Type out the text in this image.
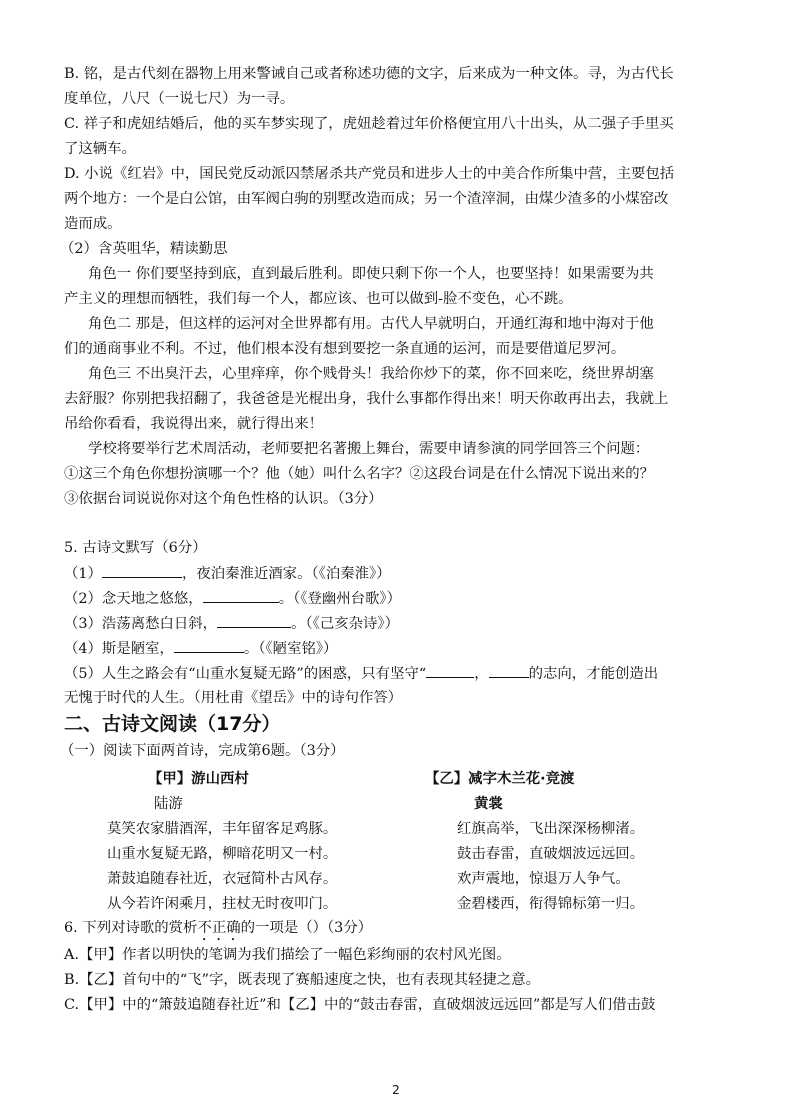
B. 铭，是古代刻在器物上用来警诫自己或者称述功德的文字，后来成为一种文体。寻，为古代长
度单位，八尺（一说七尺）为一寻。
C. 祥子和虎妞结婚后，他的买车梦实现了，虎妞趁着过年价格便宜用八十出头，从二强子手里买
了这辆车。
D. 小说《红岩》中，国民党反动派囚禁屠杀共产党员和进步人士的中美合作所集中营，主要包括
两个地方：一个是白公馆，由军阀白驹的别墅改造而成；另一个渣滓洞，由煤少渣多的小煤窑改
造而成。
（2）含英咀华，精读勤思
角色一 你们要坚持到底，直到最后胜利。即使只剩下你一个人，也要坚持！如果需要为共
产主义的理想而牺牲，我们每一个人，都应该、也可以做到-脸不变色，心不跳。
角色二 那是，但这样的运河对全世界都有用。古代人早就明白，开通红海和地中海对于他
们的通商事业不利。不过，他们根本没有想到要挖一条直通的运河，而是要借道尼罗河。
角色三 不出臭汗去，心里痒痒，你个贱骨头！我给你炒下的菜，你不回来吃，绕世界胡塞
去舒服？你别把我招翻了，我爸爸是光棍出身，我什么事都作得出来！明天你敢再出去，我就上
吊给你看看，我说得出来，就行得出来！
学校将要举行艺术周活动，老师要把名著搬上舞台，需要申请参演的同学回答三个问题：
①这三个角色你想扮演哪一个？他（她）叫什么名字？②这段台词是在什么情况下说出来的？
③依据台词说说你对这个角色性格的认识。（3分）
5. 古诗文默写（6分）
（1）	，夜泊秦淮近酒家。（《泊秦淮》）
（2）念天地之悠悠，	。（《登幽州台歌》）
（3）浩荡离愁白日斜，	。（《己亥杂诗》）
（4）斯是陋室，	。（《陋室铭》）
（5）人生之路会有“山重水复疑无路”的困惑，只有坚守“	，	的志向，才能创造出
无愧于时代的人生。（用杜甫《望岳》中的诗句作答）
二、古诗文阅读（17分）
（一）阅读下面两首诗，完成第6题。（3分）
【甲】游山西村
陆游
莫笑农家腊酒浑，丰年留客足鸡豚。
山重水复疑无路，柳暗花明又一村。
萧鼓追随春社近，衣冠简朴古风存。
从今若许闲乘月，拄杖无时夜叩门。
【乙】减字木兰花·竞渡
黄裳
红旗高举，飞出深深杨柳渚。
鼓击春雷，直破烟波远远回。
欢声震地，惊退万人争气。
金碧楼西，衔得锦标第一归。
6. 下列对诗歌的赏析不正确的一项是（）（3分）
A.【甲】作者以明快的笔调为我们描绘了一幅色彩绚丽的农村风光图。
B.【乙】首句中的“飞”字，既表现了赛船速度之快，也有表现其轻捷之意。
C.【甲】中的“箫鼓追随春社近”和【乙】中的“鼓击春雷，直破烟波远远回”都是写人们借击鼓
2
